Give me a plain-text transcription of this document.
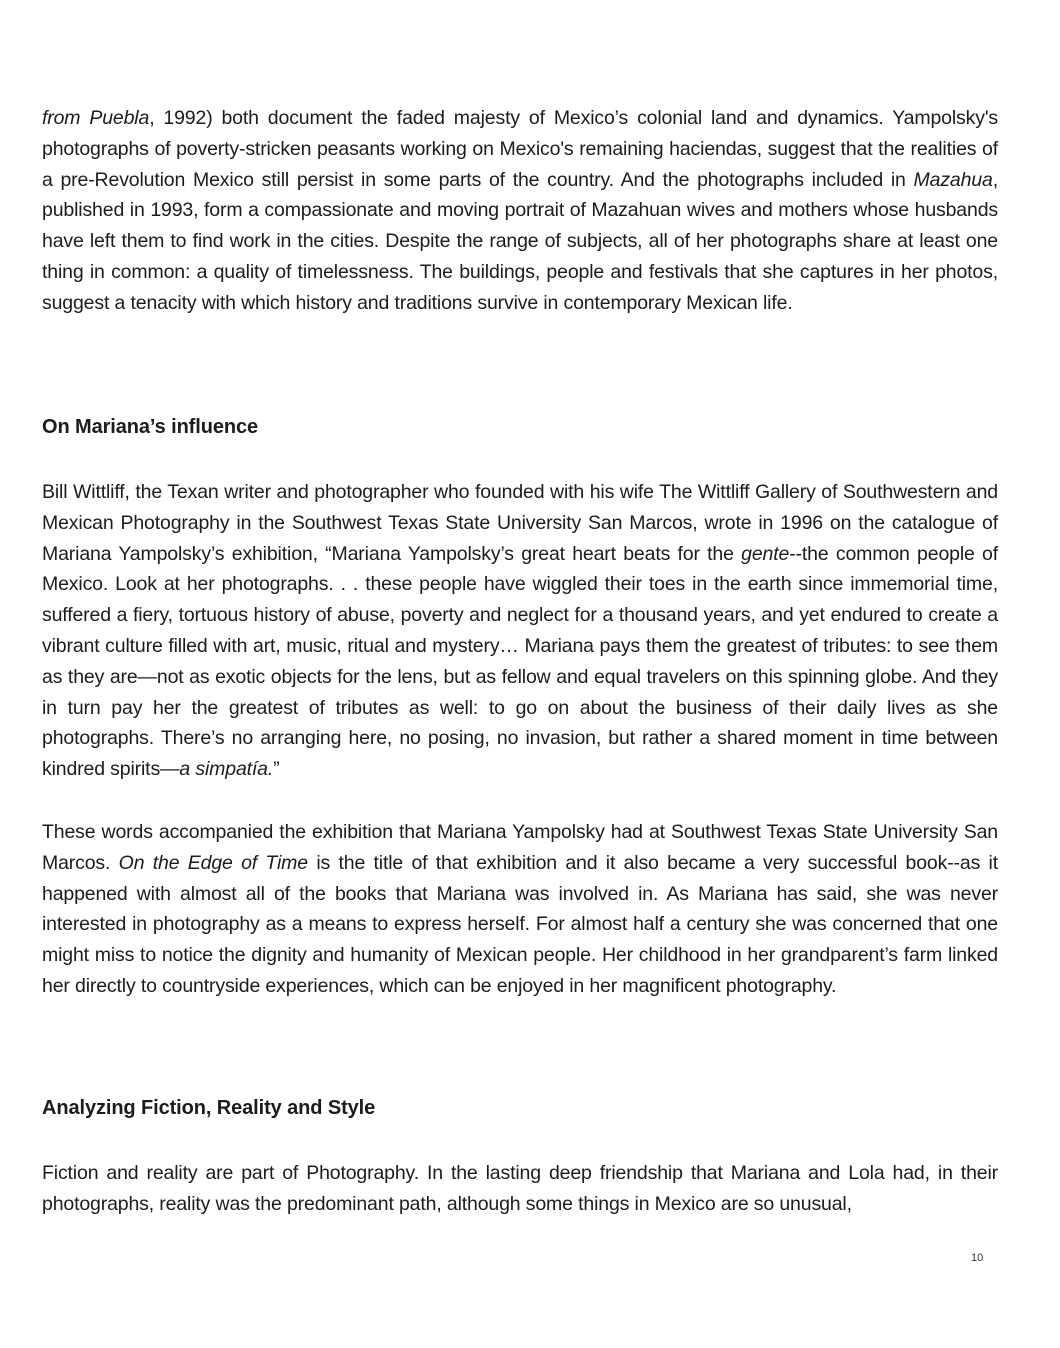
from Puebla, 1992) both document the faded majesty of Mexico’s colonial land and dynamics. Yampolsky's photographs of poverty-stricken peasants working on Mexico's remaining haciendas, suggest that the realities of a pre-Revolution Mexico still persist in some parts of the country. And the photographs included in Mazahua, published in 1993, form a compassionate and moving portrait of Mazahuan wives and mothers whose husbands have left them to find work in the cities. Despite the range of subjects, all of her photographs share at least one thing in common: a quality of timelessness. The buildings, people and festivals that she captures in her photos, suggest a tenacity with which history and traditions survive in contemporary Mexican life.

On Mariana’s influence

Bill Wittliff, the Texan writer and photographer who founded with his wife The Wittliff Gallery of Southwestern and Mexican Photography in the Southwest Texas State University San Marcos, wrote in 1996 on the catalogue of Mariana Yampolsky’s exhibition, “Mariana Yampolsky’s great heart beats for the gente--the common people of Mexico. Look at her photographs. . . these people have wiggled their toes in the earth since immemorial time, suffered a fiery, tortuous history of abuse, poverty and neglect for a thousand years, and yet endured to create a vibrant culture filled with art, music, ritual and mystery… Mariana pays them the greatest of tributes: to see them as they are—not as exotic objects for the lens, but as fellow and equal travelers on this spinning globe. And they in turn pay her the greatest of tributes as well: to go on about the business of their daily lives as she photographs. There’s no arranging here, no posing, no invasion, but rather a shared moment in time between kindred spirits—a simpatía.”

These words accompanied the exhibition that Mariana Yampolsky had at Southwest Texas State University San Marcos. On the Edge of Time is the title of that exhibition and it also became a very successful book--as it happened with almost all of the books that Mariana was involved in. As Mariana has said, she was never interested in photography as a means to express herself. For almost half a century she was concerned that one might miss to notice the dignity and humanity of Mexican people. Her childhood in her grandparent’s farm linked her directly to countryside experiences, which can be enjoyed in her magnificent photography.

Analyzing Fiction, Reality and Style

Fiction and reality are part of Photography. In the lasting deep friendship that Mariana and Lola had, in their photographs, reality was the predominant path, although some things in Mexico are so unusual,

10
